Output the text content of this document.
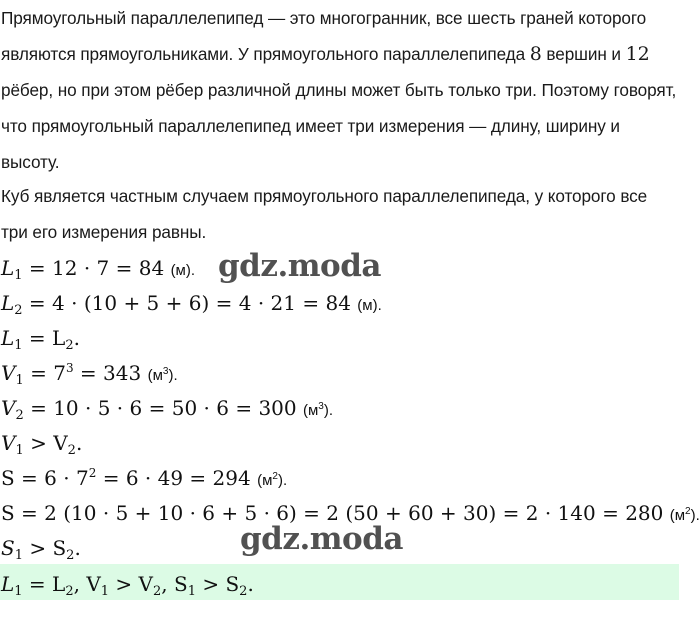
Прямоугольный параллелепипед — это многогранник, все шесть граней которого являются прямоугольниками. У прямоугольного параллелепипеда 8 вершин и 12 рёбер, но при этом рёбер различной длины может быть только три. Поэтому говорят, что прямоугольный параллелепипед имеет три измерения — длину, ширину и высоту.

Куб является частным случаем прямоугольного параллелепипеда, у которого все три его измерения равны.

$L_1 = 12 \cdot 7 = 84$ (м).
$L_2 = 4 \cdot (10 + 5 + 6) = 4 \cdot 21 = 84$ (м).
$L_1 = L_2$.
$V_1 = 7^3 = 343$ $(м^3)$.
$V_2 = 10 \cdot 5 \cdot 6 = 50 \cdot 6 = 300$ $(м^3)$.
$V_1 > V_2$.
$S = 6 \cdot 7^2 = 6 \cdot 49 = 294$ $(м^2)$.
S = 2 (10 · 5 + 10 · 6 + 5 · 6) = 2 (50 + 60 + 30) = 2 · 140 = 280 $(м^2)$.
$S_1 > S_2$.
$L_1 = L_2$, $V_1 > V_2$, $S_1 > S_2$.
gdz.moda
gdz.moda
